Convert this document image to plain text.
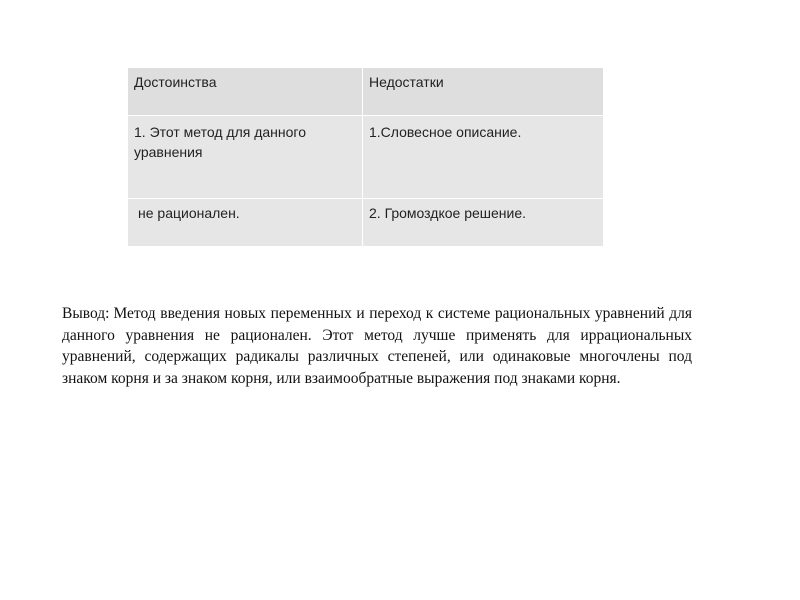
Достоинства	Недостатки
1. Этот метод для данного уравнения	1.Словесное описание.
не рационален.	2. Громоздкое решение.

Вывод: Метод введения новых переменных и переход к системе рациональных уравнений для данного уравнения не рационален. Этот метод лучше применять для иррациональных уравнений, содержащих радикалы различных степеней, или одинаковые многочлены под знаком корня и за знаком корня, или взаимообратные выражения под знаками корня.
